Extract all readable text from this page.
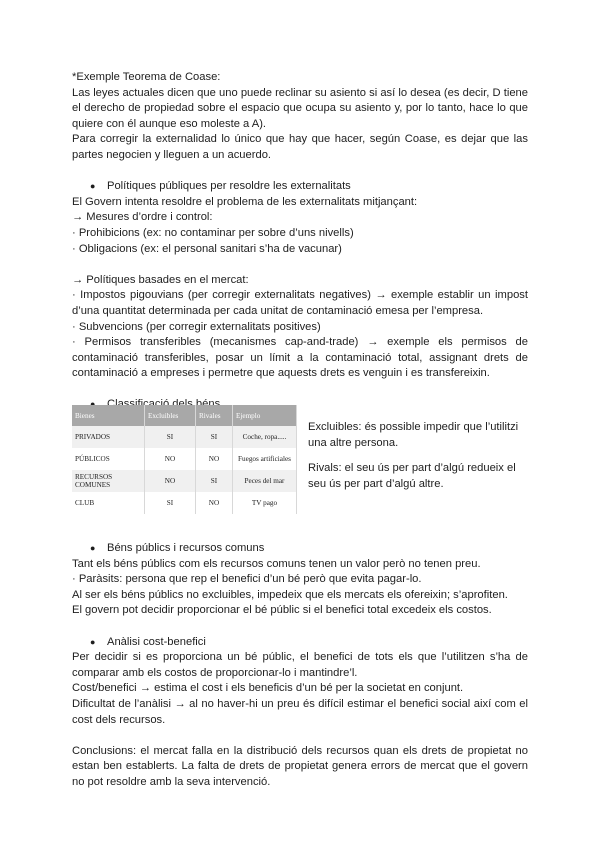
*Exemple Teorema de Coase:

Las leyes actuales dicen que uno puede reclinar su asiento si así lo desea (es decir, D tiene el derecho de propiedad sobre el espacio que ocupa su asiento y, por lo tanto, hace lo que quiere con él aunque eso moleste a A).

Para corregir la externalidad lo único que hay que hacer, según Coase, es dejar que las partes negocien y lleguen a un acuerdo.

● Polítiques públiques per resoldre les externalitats

El Govern intenta resoldre el problema de les externalitats mitjançant:

→ Mesures d’ordre i control:

· Prohibicions (ex: no contaminar per sobre d’uns nivells)

· Obligacions (ex: el personal sanitari s’ha de vacunar)

→ Polítiques basades en el mercat:

· Impostos pigouvians (per corregir externalitats negatives) → exemple establir un impost d’una quantitat determinada per cada unitat de contaminació emesa per l’empresa.

· Subvencions (per corregir externalitats positives)

· Permisos transferibles (mecanismes cap-and-trade) → exemple els permisos de contaminació transferibles, posar un límit a la contaminació total, assignant drets de contaminació a empreses i permetre que aquests drets es venguin i es transfereixin.

Bienes	Excluibles	Rivales	Ejemplo
PRIVADOS	SI	SI	Coche, ropa.....
PÚBLICOS	NO	NO	Fuegos artificiales
RECURSOS COMUNES	NO	SI	Peces del mar
CLUB	SI	NO	TV pago

Excluibles: és possible impedir que l’utilitzi una altre persona.

Rivals: el seu ús per part d’algú redueix el seu ús per part d’algú altre.

● Béns públics i recursos comuns

Tant els béns públics com els recursos comuns tenen un valor però no tenen preu.

· Paràsits: persona que rep el benefici d’un bé però que evita pagar-lo.

Al ser els béns públics no excluibles, impedeix que els mercats els ofereixin; s’aprofiten.

El govern pot decidir proporcionar el bé públic si el benefici total excedeix els costos.

● Anàlisi cost-benefici

Per decidir si es proporciona un bé públic, el benefici de tots els que l’utilitzen s’ha de comparar amb els costos de proporcionar-lo i mantindre’l.

Cost/benefici → estima el cost i els beneficis d’un bé per la societat en conjunt.

Dificultat de l’anàlisi → al no haver-hi un preu és difícil estimar el benefici social així com el cost dels recursos.

Conclusions: el mercat falla en la distribució dels recursos quan els drets de propietat no estan ben establerts. La falta de drets de propietat genera errors de mercat que el govern no pot resoldre amb la seva intervenció.
